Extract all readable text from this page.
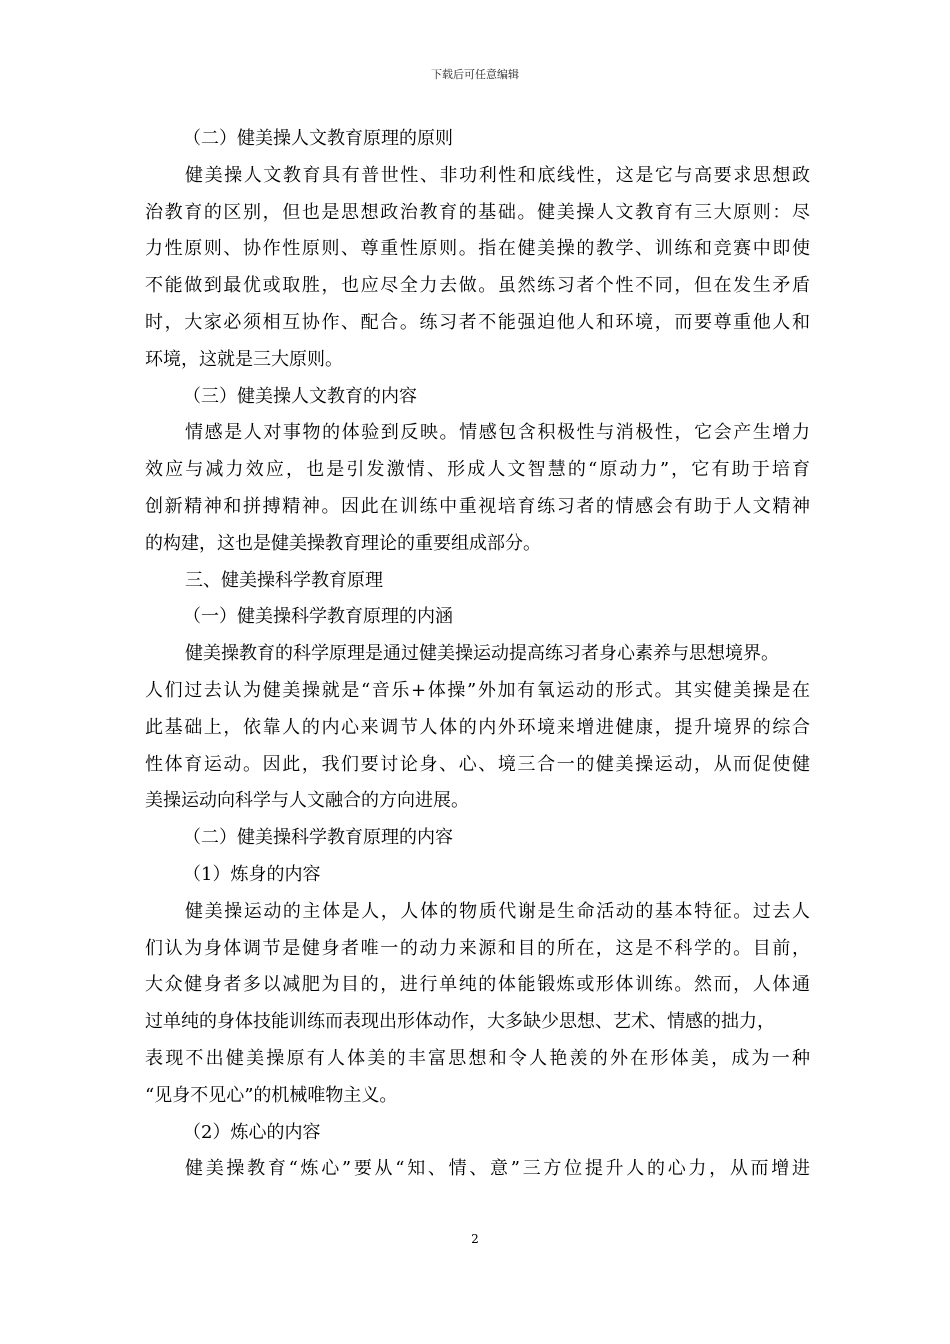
下载后可任意编辑
（二）健美操人文教育原理的原则
健美操人文教育具有普世性、非功利性和底线性，这是它与高要求思想政
治教育的区别，但也是思想政治教育的基础。健美操人文教育有三大原则：尽
力性原则、协作性原则、尊重性原则。指在健美操的教学、训练和竞赛中即使
不能做到最优或取胜，也应尽全力去做。虽然练习者个性不同，但在发生矛盾
时，大家必须相互协作、配合。练习者不能强迫他人和环境，而要尊重他人和
环境，这就是三大原则。
（三）健美操人文教育的内容
情感是人对事物的体验到反映。情感包含积极性与消极性，它会产生增力
效应与减力效应，也是引发激情、形成人文智慧的“原动力”，它有助于培育
创新精神和拼搏精神。因此在训练中重视培育练习者的情感会有助于人文精神
的构建，这也是健美操教育理论的重要组成部分。
三、健美操科学教育原理
（一）健美操科学教育原理的内涵
健美操教育的科学原理是通过健美操运动提高练习者身心素养与思想境界。
人们过去认为健美操就是“音乐+体操”外加有氧运动的形式。其实健美操是在
此基础上，依靠人的内心来调节人体的内外环境来增进健康，提升境界的综合
性体育运动。因此，我们要讨论身、心、境三合一的健美操运动，从而促使健
美操运动向科学与人文融合的方向进展。
（二）健美操科学教育原理的内容
（1）炼身的内容
健美操运动的主体是人，人体的物质代谢是生命活动的基本特征。过去人
们认为身体调节是健身者唯一的动力来源和目的所在，这是不科学的。目前，
大众健身者多以减肥为目的，进行单纯的体能锻炼或形体训练。然而，人体通
过单纯的身体技能训练而表现出形体动作，大多缺少思想、艺术、情感的拙力，
表现不出健美操原有人体美的丰富思想和令人艳羡的外在形体美，成为一种
“见身不见心”的机械唯物主义。
（2）炼心的内容
健美操教育“炼心”要从“知、情、意”三方位提升人的心力，从而增进
2
